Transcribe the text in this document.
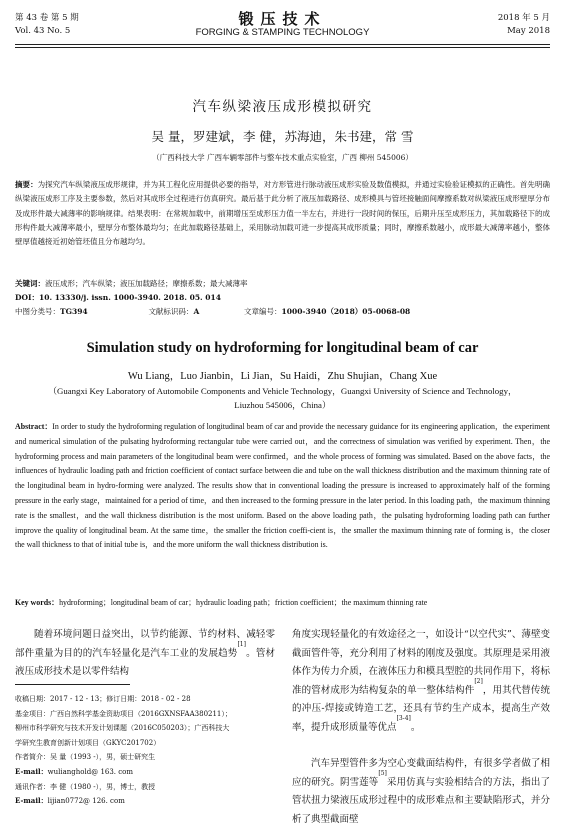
第 43 卷 第 5 期
Vol. 43 No. 5
锻压技术
FORGING & STAMPING TECHNOLOGY
2018 年 5 月
May 2018
汽车纵梁液压成形模拟研究
吴 量，罗建斌，李 健，苏海迪，朱书建，常 雪
（广西科技大学 广西车辆零部件与整车技术重点实验室，广西 柳州 545006）
摘要：为探究汽车纵梁液压成形规律，并为其工程化应用提供必要的指导，对方形管进行脉动液压成形实验及数值模拟，并通过实验验证模拟的正确性。首先明确纵梁液压成形工序及主要参数，然后对其成形全过程进行仿真研究。最后基于此分析了液压加载路径、成形模具与管坯接触面间摩擦系数对纵梁液压成形壁厚分布及成形件最大减薄率的影响规律。结果表明：在常规加载中，前期增压至成形压力值一半左右，并进行一段时间的保压，后期升压至成形压力，其加载路径下的成形构件最大减薄率最小，壁厚分布整体最均匀；在此加载路径基础上，采用脉动加载可进一步提高其成形质量；同时，摩擦系数越小，成形最大减薄率越小，整体壁厚值越接近初始管坯值且分布越均匀。
关键词：液压成形；汽车纵梁；液压加载路径；摩擦系数；最大减薄率
DOI：10. 13330/j. issn. 1000-3940. 2018. 05. 014
中图分类号：TG394	文献标识码：A	文章编号：1000-3940（2018）05-0068-08
Simulation study on hydroforming for longitudinal beam of car
Wu Liang，Luo Jianbin，Li Jian，Su Haidi，Zhu Shujian，Chang Xue
（Guangxi Key Laboratory of Automobile Components and Vehicle Technology，Guangxi University of Science and Technology，
Liuzhou 545006，China）
Abstract：In order to study the hydroforming regulation of longitudinal beam of car and provide the necessary guidance for its engineering application，the experiment and numerical simulation of the pulsating hydroforming rectangular tube were carried out，and the correctness of simulation was verified by experiment. Then，the hydroforming process and main parameters of the longitudinal beam were confirmed，and the whole process of forming was simulated. Based on the above facts，the influences of hydraulic loading path and friction coefficient of contact surface between die and tube on the wall thickness distribution and the maximum thinning rate of the longitudinal beam in hydro-forming were analyzed. The results show that in conventional loading the pressure is increased to approximately half of the forming pressure in the early stage，maintained for a period of time，and then increased to the forming pressure in the later period. In this loading path，the maximum thinning rate is the smallest，and the wall thickness distribution is the most uniform. Based on the above loading path，the pulsating hydroforming loading path can further improve the quality of longitudinal beam. At the same time，the smaller the friction coeffi-cient is，the smaller the maximum thinning rate of forming is，the closer the wall thickness to that of initial tube is，and the more uniform the wall thickness distribution is.
Key words：hydroforming；longitudinal beam of car；hydraulic loading path；friction coefficient；the maximum thinning rate
随着环境问题日益突出，以节约能源、节约材料、减轻零部件重量为目的的汽车轻量化是汽车工业的发展趋势[1]。管材液压成形技术是以零件结构
收稿日期：2017 - 12 - 13；修订日期：2018 - 02 - 28
基金项目：广西自然科学基金资助项目（2016GXNSFAA380211）；
柳州市科学研究与技术开发计划课题（2016C050203）；广西科技大
学研究生教育创新计划项目（GKYC201702）
作者简介：吴 量（1993 -），男，硕士研究生
E-mail：wulianghold@ 163. com
通讯作者：李 健（1980 -），男，博士，教授
E-mail：lijian0772@ 126. com
角度实现轻量化的有效途径之一，如设计“以空代实”、薄壁变截面管件等，充分利用了材料的刚度及强度。其原理是采用液体作为传力介质，在液体压力和模具型腔的共同作用下，将标准的管材成形为结构复杂的单一整体结构件[2]，用其代替传统的冲压-焊接或铸造工艺，还具有节约生产成本，提高生产效率，提升成形质量等优点[3-4]。
汽车异型管件多为空心变截面结构件，有很多学者做了相应的研究。阴雪莲等[5]采用仿真与实验相结合的方法，指出了管状扭力梁液压成形过程中的成形难点和主要缺陷形式，并分析了典型截面壁
